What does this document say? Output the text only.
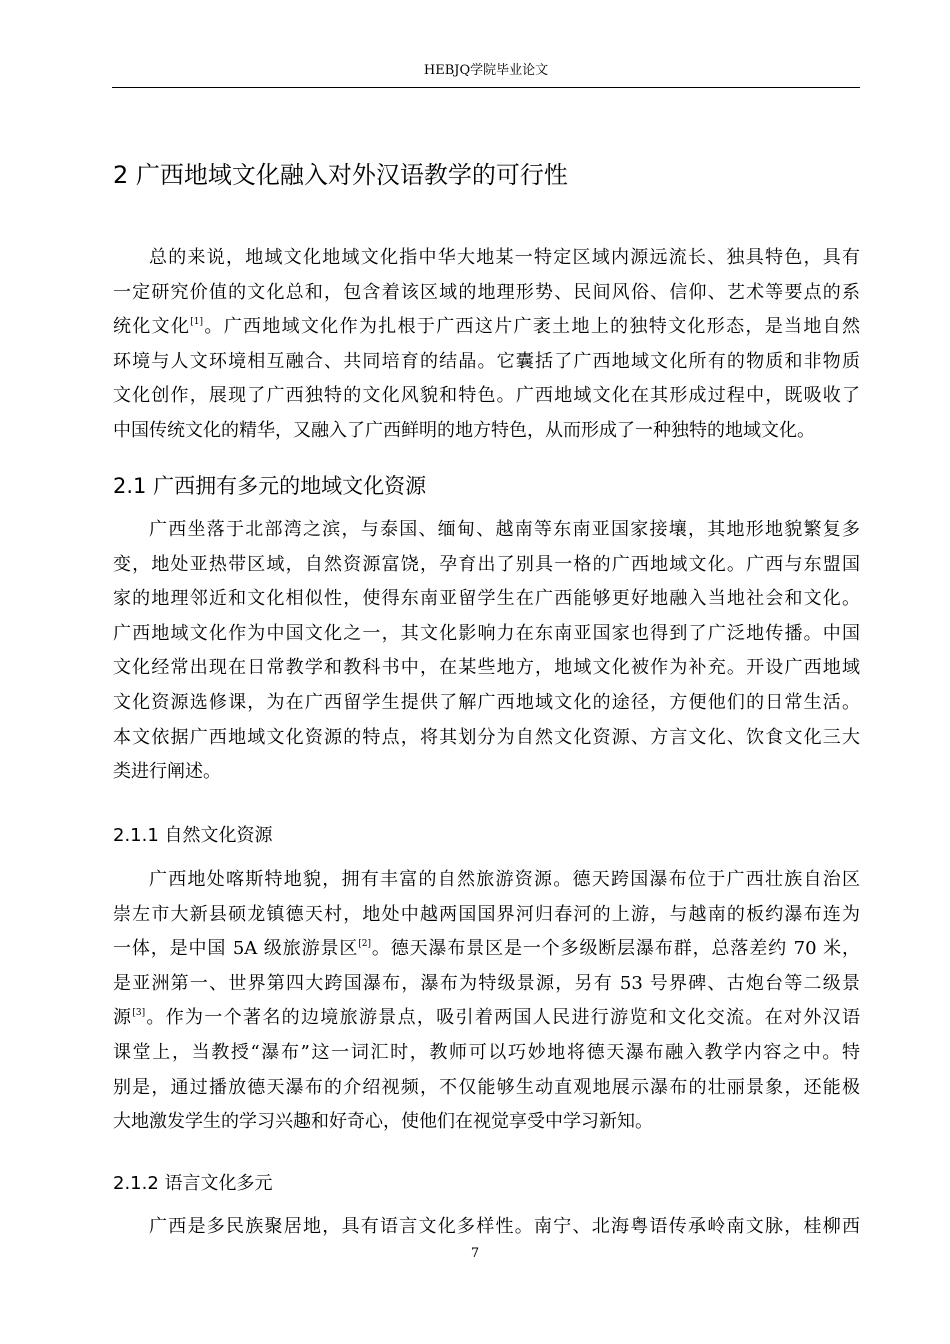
HEBJQ学院毕业论文
2 广西地域文化融入对外汉语教学的可行性
总的来说，地域文化地域文化指中华大地某一特定区域内源远流长、独具特色，具有
一定研究价值的文化总和，包含着该区域的地理形势、民间风俗、信仰、艺术等要点的系
统化文化[1]。广西地域文化作为扎根于广西这片广袤土地上的独特文化形态，是当地自然
环境与人文环境相互融合、共同培育的结晶。它囊括了广西地域文化所有的物质和非物质
文化创作，展现了广西独特的文化风貌和特色。广西地域文化在其形成过程中，既吸收了
中国传统文化的精华，又融入了广西鲜明的地方特色，从而形成了一种独特的地域文化。
2.1 广西拥有多元的地域文化资源
广西坐落于北部湾之滨，与泰国、缅甸、越南等东南亚国家接壤，其地形地貌繁复多
变，地处亚热带区域，自然资源富饶，孕育出了别具一格的广西地域文化。广西与东盟国
家的地理邻近和文化相似性，使得东南亚留学生在广西能够更好地融入当地社会和文化。
广西地域文化作为中国文化之一，其文化影响力在东南亚国家也得到了广泛地传播。中国
文化经常出现在日常教学和教科书中，在某些地方，地域文化被作为补充。开设广西地域
文化资源选修课，为在广西留学生提供了解广西地域文化的途径，方便他们的日常生活。
本文依据广西地域文化资源的特点，将其划分为自然文化资源、方言文化、饮食文化三大
类进行阐述。
2.1.1 自然文化资源
广西地处喀斯特地貌，拥有丰富的自然旅游资源。德天跨国瀑布位于广西壮族自治区
崇左市大新县硕龙镇德天村，地处中越两国国界河归春河的上游，与越南的板约瀑布连为
一体，是中国 5A 级旅游景区[2]。德天瀑布景区是一个多级断层瀑布群，总落差约 70 米，
是亚洲第一、世界第四大跨国瀑布，瀑布为特级景源，另有 53 号界碑、古炮台等二级景
源[3]。作为一个著名的边境旅游景点，吸引着两国人民进行游览和文化交流。在对外汉语
课堂上，当教授“瀑布”这一词汇时，教师可以巧妙地将德天瀑布融入教学内容之中。特
别是，通过播放德天瀑布的介绍视频，不仅能够生动直观地展示瀑布的壮丽景象，还能极
大地激发学生的学习兴趣和好奇心，使他们在视觉享受中学习新知。
2.1.2 语言文化多元
广西是多民族聚居地，具有语言文化多样性。南宁、北海粤语传承岭南文脉，桂柳西
7
